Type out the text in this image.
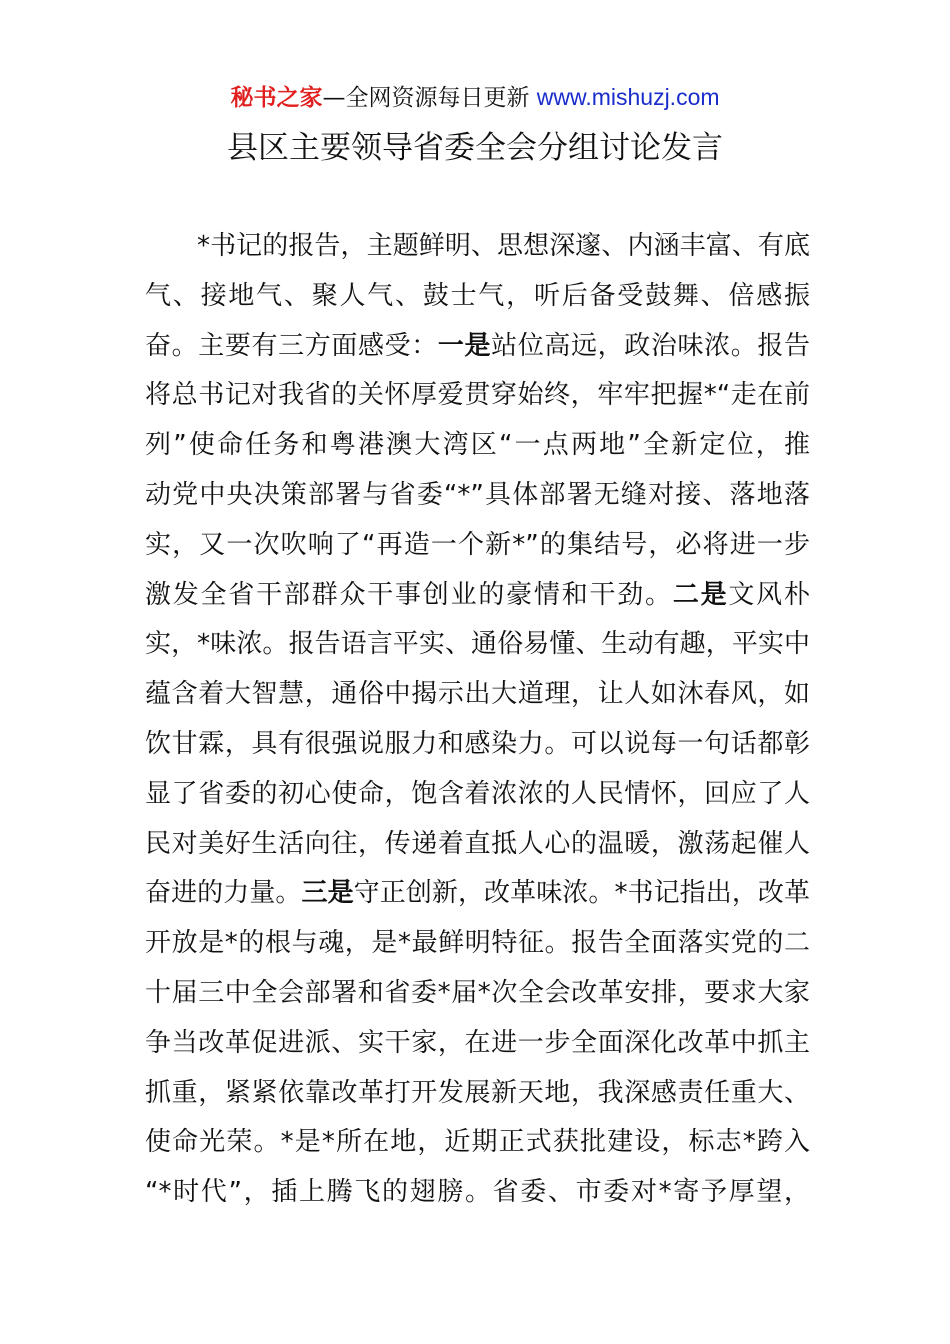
秘书之家—全网资源每日更新 www.mishuzj.com
县区主要领导省委全会分组讨论发言
*书记的报告，主题鲜明、思想深邃、内涵丰富、有底
气、接地气、聚人气、鼓士气，听后备受鼓舞、倍感振
奋。主要有三方面感受：一是站位高远，政治味浓。报告
将总书记对我省的关怀厚爱贯穿始终，牢牢把握*“走在前
列”使命任务和粤港澳大湾区“一点两地”全新定位，推
动党中央决策部署与省委“*”具体部署无缝对接、落地落
实，又一次吹响了“再造一个新*”的集结号，必将进一步
激发全省干部群众干事创业的豪情和干劲。二是文风朴
实，*味浓。报告语言平实、通俗易懂、生动有趣，平实中
蕴含着大智慧，通俗中揭示出大道理，让人如沐春风，如
饮甘霖，具有很强说服力和感染力。可以说每一句话都彰
显了省委的初心使命，饱含着浓浓的人民情怀，回应了人
民对美好生活向往，传递着直抵人心的温暖，激荡起催人
奋进的力量。三是守正创新，改革味浓。*书记指出，改革
开放是*的根与魂，是*最鲜明特征。报告全面落实党的二
十届三中全会部署和省委*届*次全会改革安排，要求大家
争当改革促进派、实干家，在进一步全面深化改革中抓主
抓重，紧紧依靠改革打开发展新天地，我深感责任重大、
使命光荣。*是*所在地，近期正式获批建设，标志*跨入
“*时代”，插上腾飞的翅膀。省委、市委对*寄予厚望，
